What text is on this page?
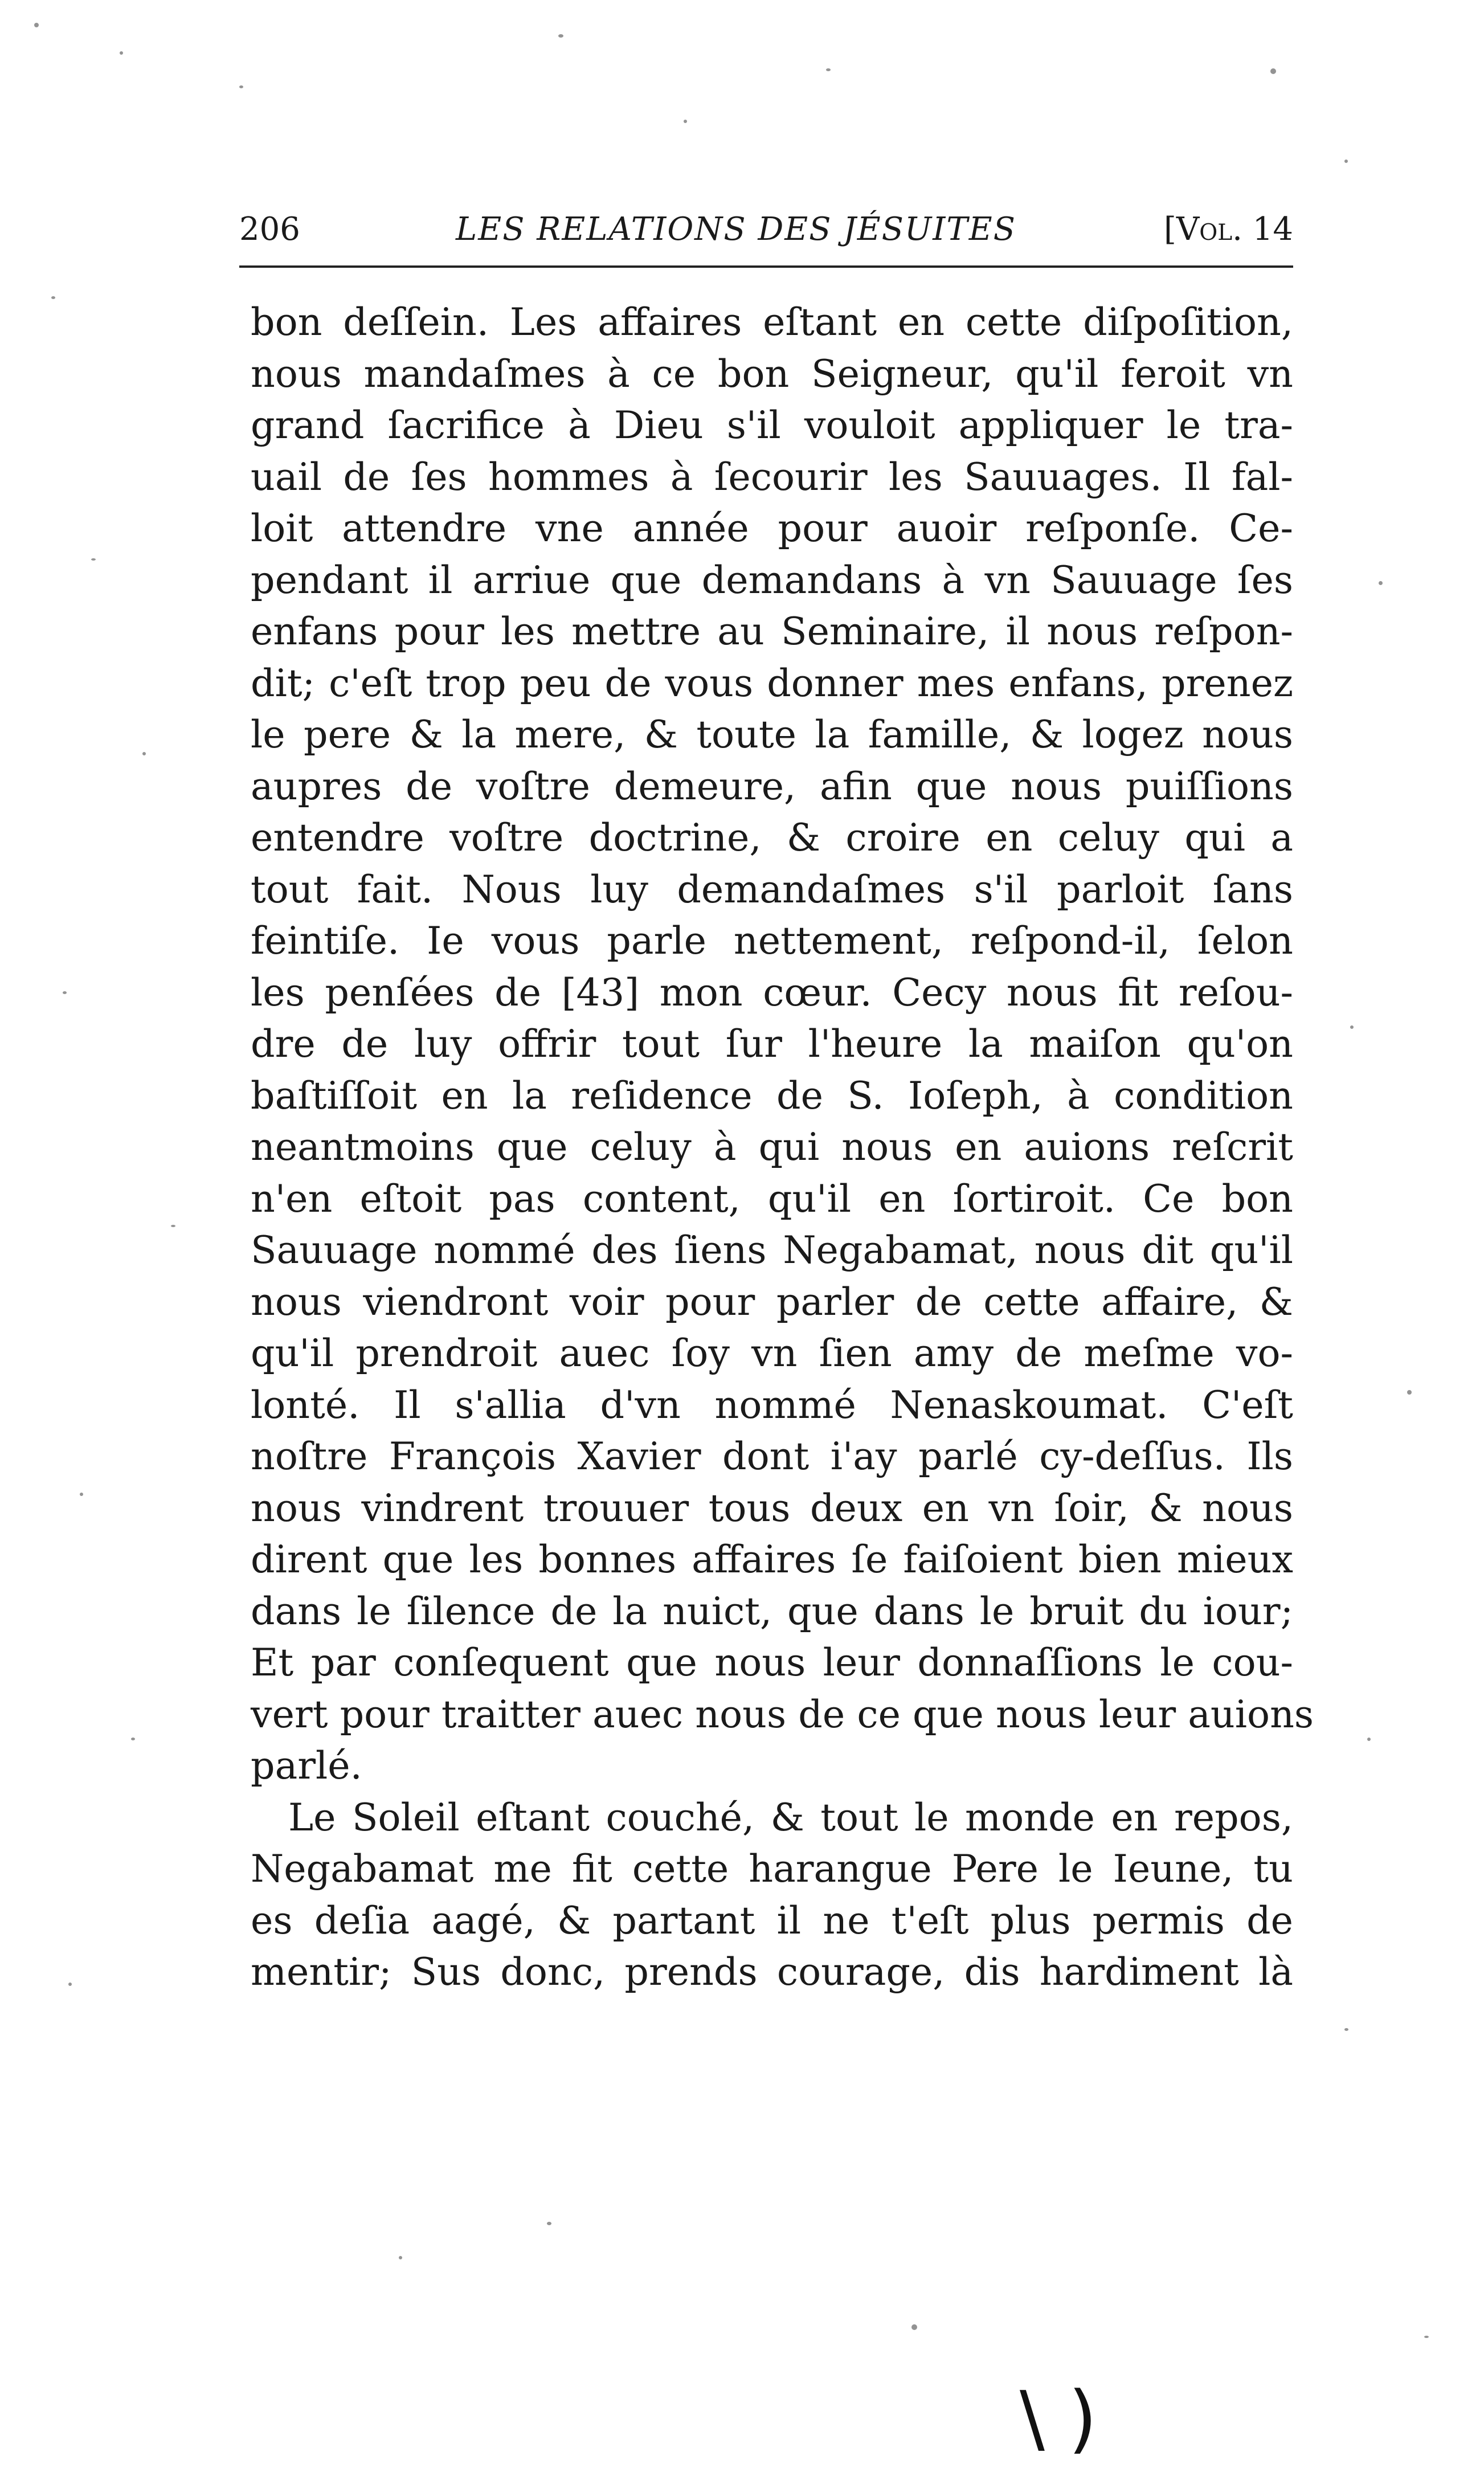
206	LES RELATIONS DES JÉSUITES	[Vol. 14
bon deſſein. Les affaires eſtant en cette diſpoſition,
nous mandaſmes à ce bon Seigneur, qu'il feroit vn
grand ſacrifice à Dieu s'il vouloit appliquer le tra-
uail de ſes hommes à ſecourir les Sauuages. Il fal-
loit attendre vne année pour auoir reſponſe. Ce-
pendant il arriue que demandans à vn Sauuage ſes
enfans pour les mettre au Seminaire, il nous reſpon-
dit; c'eſt trop peu de vous donner mes enfans, prenez
le pere & la mere, & toute la famille, & logez nous
aupres de voſtre demeure, afin que nous puiſſions
entendre voſtre doctrine, & croire en celuy qui a
tout fait. Nous luy demandaſmes s'il parloit ſans
feintiſe. Ie vous parle nettement, reſpond-il, ſelon
les penſées de [43] mon cœur. Cecy nous fit reſou-
dre de luy offrir tout ſur l'heure la maiſon qu'on
baſtiſſoit en la reſidence de S. Ioſeph, à condition
neantmoins que celuy à qui nous en auions reſcrit
n'en eſtoit pas content, qu'il en ſortiroit. Ce bon
Sauuage nommé des ſiens Negabamat, nous dit qu'il
nous viendront voir pour parler de cette affaire, &
qu'il prendroit auec ſoy vn ſien amy de meſme vo-
lonté. Il s'allia d'vn nommé Nenaskoumat. C'eſt
noſtre François Xavier dont i'ay parlé cy-deſſus. Ils
nous vindrent trouuer tous deux en vn ſoir, & nous
dirent que les bonnes affaires ſe faiſoient bien mieux
dans le ſilence de la nuict, que dans le bruit du iour;
Et par conſequent que nous leur donnaſſions le cou-
vert pour traitter auec nous de ce que nous leur auions
parlé.
Le Soleil eſtant couché, & tout le monde en repos,
Negabamat me fit cette harangue Pere le Ieune, tu
es deſia aagé, & partant il ne t'eſt plus permis de
mentir; Sus donc, prends courage, dis hardiment là
\ )
